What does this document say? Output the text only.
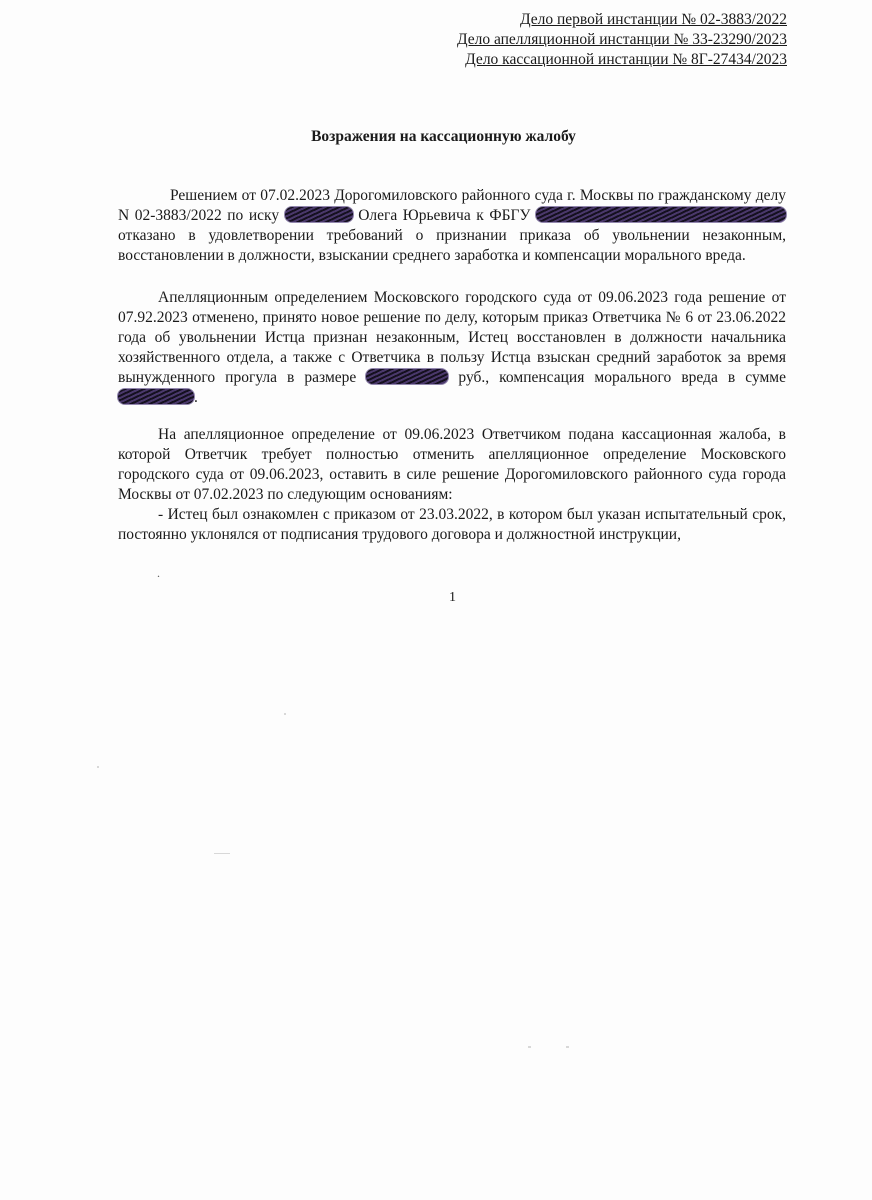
Дело первой инстанции № 02-3883/2022
Дело апелляционной инстанции № 33-23290/2023
Дело кассационной инстанции № 8Г-27434/2023
Возражения на кассационную жалобу

Решением от 07.02.2023 Дорогомиловского районного суда г. Москвы по гражданскому делу N 02-3883/2022 по иску	Олега Юрьевича к ФБГУ  отказано в удовлетворении требований о признании приказа об увольнении незаконным, восстановлении в должности, взыскании среднего заработка и компенсации морального вреда.

Апелляционным определением Московского городского суда от 09.06.2023 года решение от 07.92.2023 отменено, принято новое решение по делу, которым приказ Ответчика № 6 от 23.06.2022 года об увольнении Истца признан незаконным, Истец восстановлен в должности начальника хозяйственного отдела, а также с Ответчика в пользу Истца взыскан средний заработок за время вынужденного прогула в размере	руб., компенсация морального вреда в сумме .

На апелляционное определение от 09.06.2023 Ответчиком подана кассационная жалоба, в которой Ответчик требует полностью отменить апелляционное определение Московского городского суда от 09.06.2023, оставить в силе решение Дорогомиловского районного суда города Москвы от 07.02.2023 по следующим основаниям:

- Истец был ознакомлен с приказом от 23.03.2022, в котором был указан испытательный срок, постоянно уклонялся от подписания трудового договора и должностной инструкции,

.
1
